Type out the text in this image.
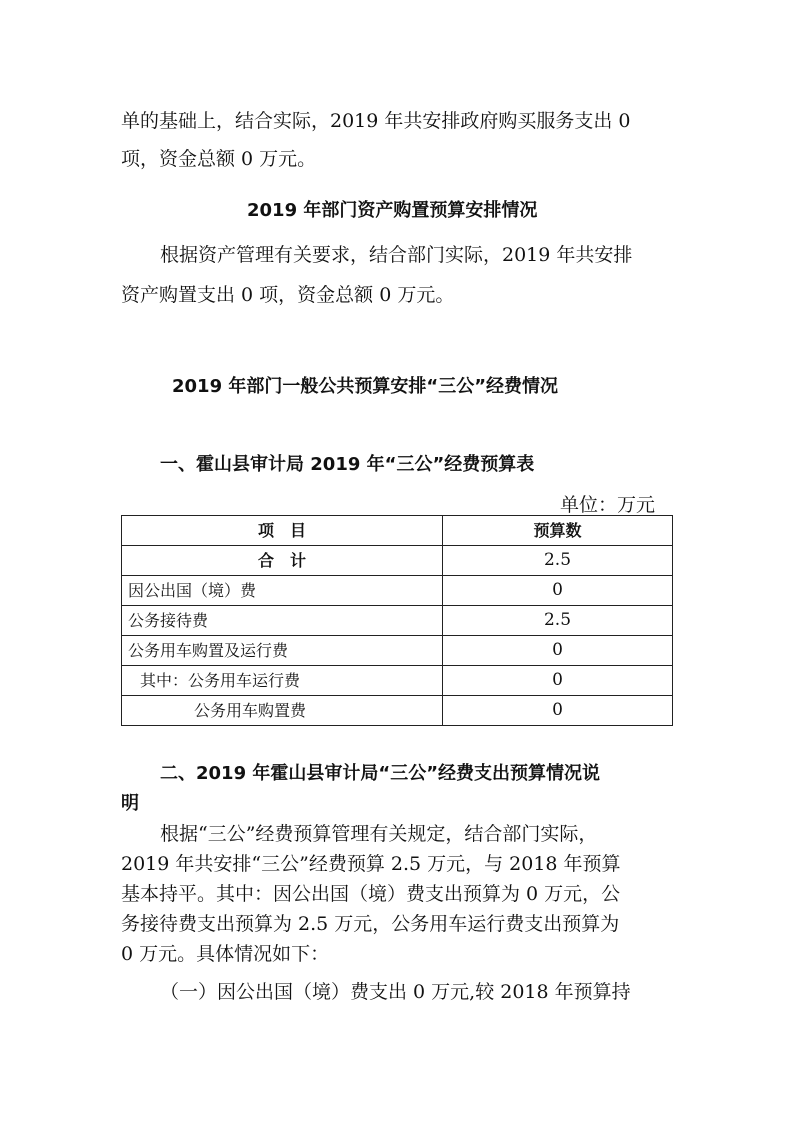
单的基础上，结合实际，2019 年共安排政府购买服务支出 0
项，资金总额 0 万元。
2019 年部门资产购置预算安排情况
根据资产管理有关要求，结合部门实际，2019 年共安排
资产购置支出 0 项，资金总额 0 万元。
2019 年部门一般公共预算安排“三公”经费情况
一、霍山县审计局 2019 年“三公”经费预算表
单位：万元
项　目	预算数
合　计	2.5
因公出国（境）费	0
公务接待费	2.5
公务用车购置及运行费	0
其中：公务用车运行费	0
公务用车购置费	0
二、2019 年霍山县审计局“三公”经费支出预算情况说
明
根据“三公”经费预算管理有关规定，结合部门实际，
2019 年共安排“三公”经费预算 2.5 万元，与 2018 年预算
基本持平。其中：因公出国（境）费支出预算为 0 万元，公
务接待费支出预算为 2.5 万元，公务用车运行费支出预算为
0 万元。具体情况如下：
（一）因公出国（境）费支出 0 万元,较 2018 年预算持
